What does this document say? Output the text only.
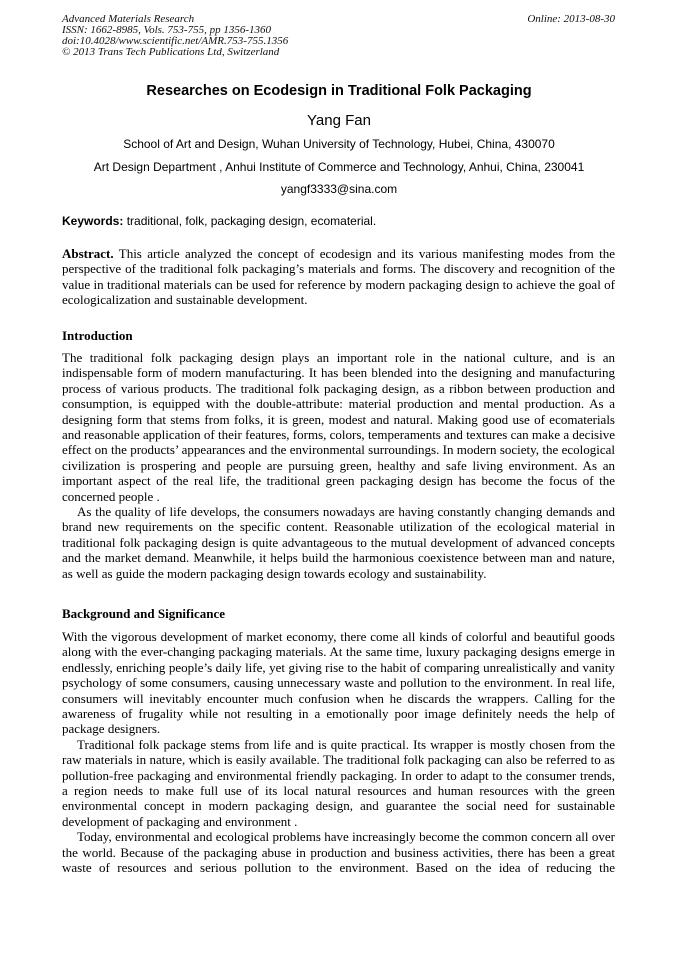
Advanced Materials Research
ISSN: 1662-8985, Vols. 753-755, pp 1356-1360
doi:10.4028/www.scientific.net/AMR.753-755.1356
© 2013 Trans Tech Publications Ltd, Switzerland
Online: 2013-08-30
Researches on Ecodesign in Traditional Folk Packaging
Yang Fan
School of Art and Design, Wuhan University of Technology, Hubei, China, 430070
Art Design Department , Anhui Institute of Commerce and Technology, Anhui, China, 230041
yangf3333@sina.com
Keywords: traditional, folk, packaging design, ecomaterial.

Abstract. This article analyzed the concept of ecodesign and its various manifesting modes from the perspective of the traditional folk packaging’s materials and forms. The discovery and recognition of the value in traditional materials can be used for reference by modern packaging design to achieve the goal of ecologicalization and sustainable development.

Introduction

The traditional folk packaging design plays an important role in the national culture, and is an indispensable form of modern manufacturing. It has been blended into the designing and manufacturing process of various products. The traditional folk packaging design, as a ribbon between production and consumption, is equipped with the double-attribute: material production and mental production. As a designing form that stems from folks, it is green, modest and natural. Making good use of ecomaterials and reasonable application of their features, forms, colors, temperaments and textures can make a decisive effect on the products’ appearances and the environmental surroundings. In modern society, the ecological civilization is prospering and people are pursuing green, healthy and safe living environment. As an important aspect of the real life, the traditional green packaging design has become the focus of the concerned people .

As the quality of life develops, the consumers nowadays are having constantly changing demands and brand new requirements on the specific content. Reasonable utilization of the ecological material in traditional folk packaging design is quite advantageous to the mutual development of advanced concepts and the market demand. Meanwhile, it helps build the harmonious coexistence between man and nature, as well as guide the modern packaging design towards ecology and sustainability.

Background and Significance

With the vigorous development of market economy, there come all kinds of colorful and beautiful goods along with the ever-changing packaging materials. At the same time, luxury packaging designs emerge in endlessly, enriching people’s daily life, yet giving rise to the habit of comparing unrealistically and vanity psychology of some consumers, causing unnecessary waste and pollution to the environment. In real life, consumers will inevitably encounter much confusion when he discards the wrappers. Calling for the awareness of frugality while not resulting in a emotionally poor image definitely needs the help of package designers.

Traditional folk package stems from life and is quite practical. Its wrapper is mostly chosen from the raw materials in nature, which is easily available. The traditional folk packaging can also be referred to as pollution-free packaging and environmental friendly packaging. In order to adapt to the consumer trends, a region needs to make full use of its local natural resources and human resources with the green environmental concept in modern packaging design, and guarantee the social need for sustainable development of packaging and environment .

Today, environmental and ecological problems have increasingly become the common concern all over the world. Because of the packaging abuse in production and business activities, there has been a great waste of resources and serious pollution to the environment. Based on the idea of reducing the
